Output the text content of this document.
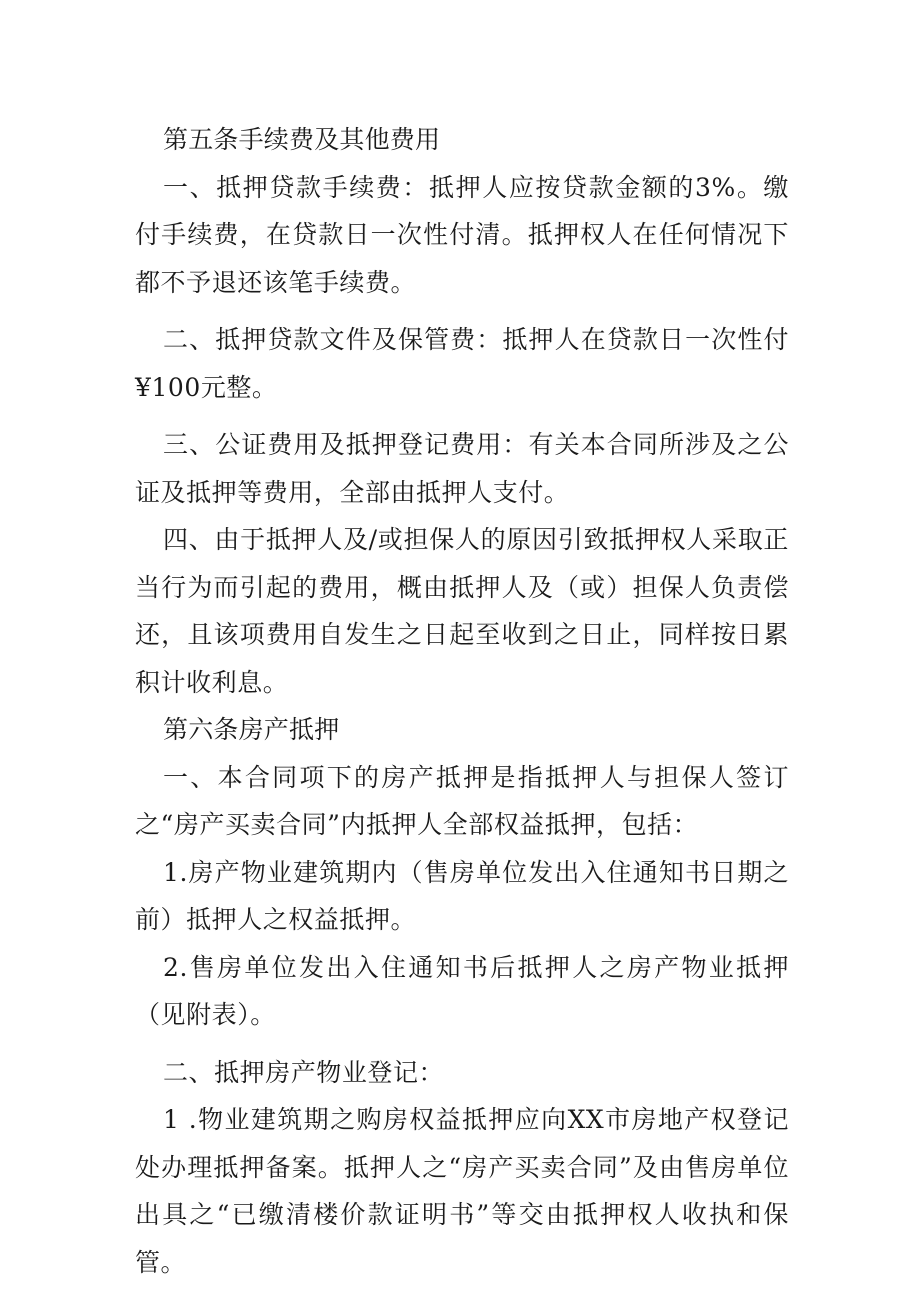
第五条手续费及其他费用

一、抵押贷款手续费：抵押人应按贷款金额的3%。缴付手续费，在贷款日一次性付清。抵押权人在任何情况下都不予退还该笔手续费。

二、抵押贷款文件及保管费：抵押人在贷款日一次性付¥100元整。

三、公证费用及抵押登记费用：有关本合同所涉及之公证及抵押等费用，全部由抵押人支付。

四、由于抵押人及/或担保人的原因引致抵押权人采取正当行为而引起的费用，概由抵押人及（或）担保人负责偿还，且该项费用自发生之日起至收到之日止，同样按日累积计收利息。

第六条房产抵押

一、本合同项下的房产抵押是指抵押人与担保人签订之“房产买卖合同”内抵押人全部权益抵押，包括：

1.房产物业建筑期内（售房单位发出入住通知书日期之前）抵押人之权益抵押。

2.售房单位发出入住通知书后抵押人之房产物业抵押（见附表）。

二、抵押房产物业登记：

1 .物业建筑期之购房权益抵押应向XX市房地产权登记处办理抵押备案。抵押人之“房产买卖合同”及由售房单位出具之“已缴清楼价款证明书”等交由抵押权人收执和保管。
